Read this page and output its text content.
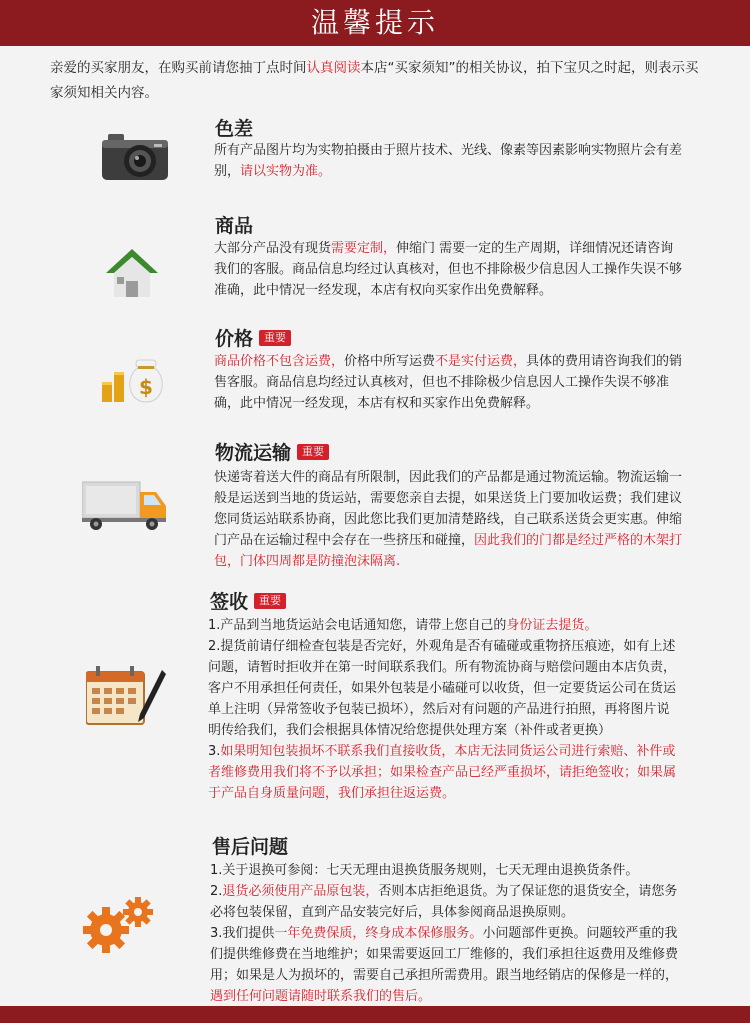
温馨提示
亲爱的买家朋友，在购买前请您抽丁点时间认真阅读本店“买家须知”的相关协议，拍下宝贝之时起，则表示买家须知相关内容。
色差
所有产品图片均为实物拍摄由于照片技术、光线、像素等因素影响实物照片会有差别，请以实物为准。
商品
大部分产品没有现货需要定制，伸缩门 需要一定的生产周期，详细情况还请咨询我们的客服。商品信息均经过认真核对，但也不排除极少信息因人工操作失误不够准确，此中情况一经发现，本店有权向买家作出免费解释。
$
价格 重要
商品价格不包含运费，价格中所写运费不是实付运费，具体的费用请咨询我们的销售客服。商品信息均经过认真核对，但也不排除极少信息因人工操作失误不够准确，此中情况一经发现，本店有权和买家作出免费解释。
物流运输 重要
快递寄着送大件的商品有所限制，因此我们的产品都是通过物流运输。物流运输一般是运送到当地的货运站，需要您亲自去提，如果送货上门要加收运费；我们建议您同货运站联系协商，因此您比我们更加清楚路线，自己联系送货会更实惠。伸缩门产品在运输过程中会存在一些挤压和碰撞，因此我们的门都是经过严格的木架打包，门体四周都是防撞泡沫隔离.
签收 重要
1.产品到当地货运站会电话通知您，请带上您自己的身份证去提货。
2.提货前请仔细检查包装是否完好，外观角是否有磕碰或重物挤压痕迹，如有上述问题，请暂时拒收并在第一时间联系我们。所有物流协商与赔偿问题由本店负责，客户不用承担任何责任，如果外包装是小磕碰可以收货，但一定要货运公司在货运单上注明（异常签收予包装已损坏），然后对有问题的产品进行拍照，再将图片说明传给我们，我们会根据具体情况给您提供处理方案（补件或者更换）
3.如果明知包装损坏不联系我们直接收货，本店无法同货运公司进行索赔、补件或者维修费用我们将不予以承担；如果检查产品已经严重损坏，请拒绝签收；如果属于产品自身质量问题，我们承担往返运费。
售后问题
1.关于退换可参阅：七天无理由退换货服务规则，七天无理由退换货条件。
2.退货必须使用产品原包装，否则本店拒绝退货。为了保证您的退货安全，请您务必将包装保留，直到产品安装完好后，具体参阅商品退换原则。
3.我们提供一年免费保质，终身成本保修服务。小问题部件更换。问题较严重的我们提供维修费在当地维护；如果需要返回工厂维修的，我们承担往返费用及维修费用；如果是人为损坏的，需要自己承担所需费用。跟当地经销店的保修是一样的，遇到任何问题请随时联系我们的售后。
